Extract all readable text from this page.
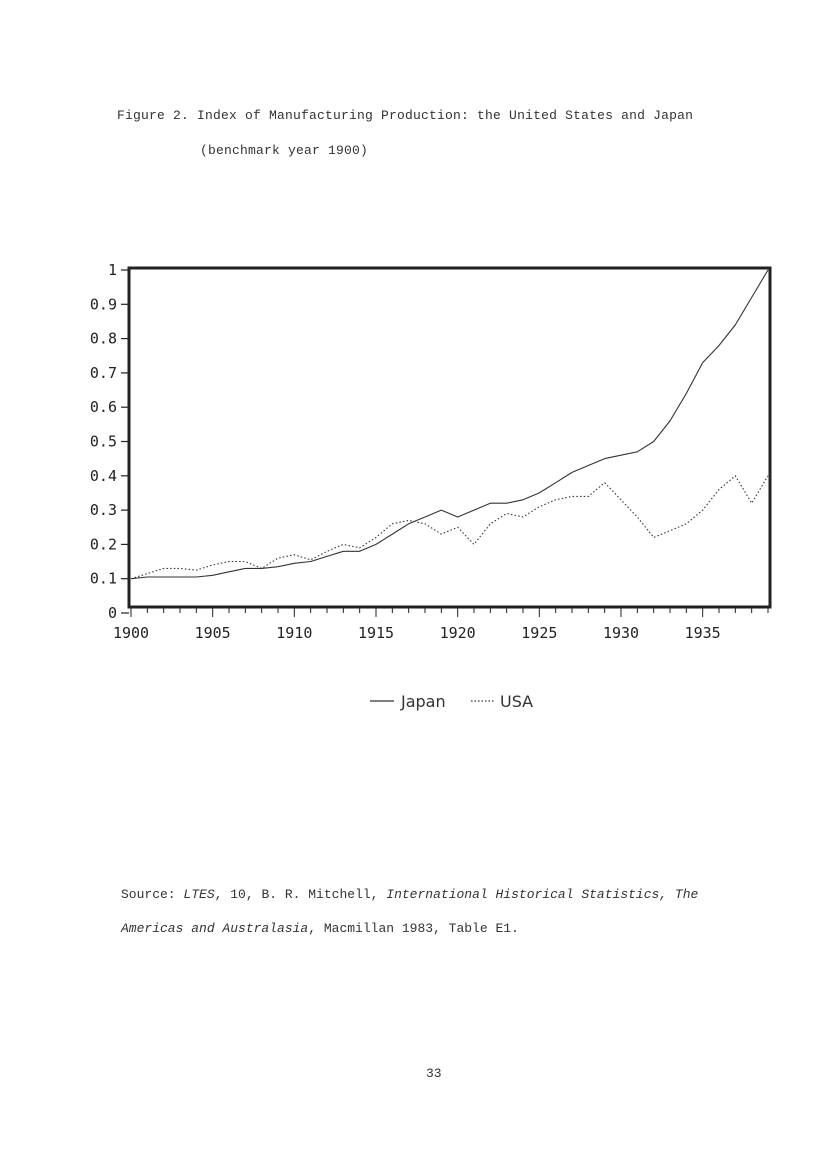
Figure 2. Index of Manufacturing Production: the United States and Japan
(benchmark year 1900)
0
0.1
0.2
0.3
0.4
0.5
0.6
0.7
0.8
0.9
1
1900	1905	1910	1915	1920	1925	1930	1935
Japan	USA
Source: LTES, 10, B. R. Mitchell, International Historical Statistics, The
Americas and Australasia, Macmillan 1983, Table E1.
33
